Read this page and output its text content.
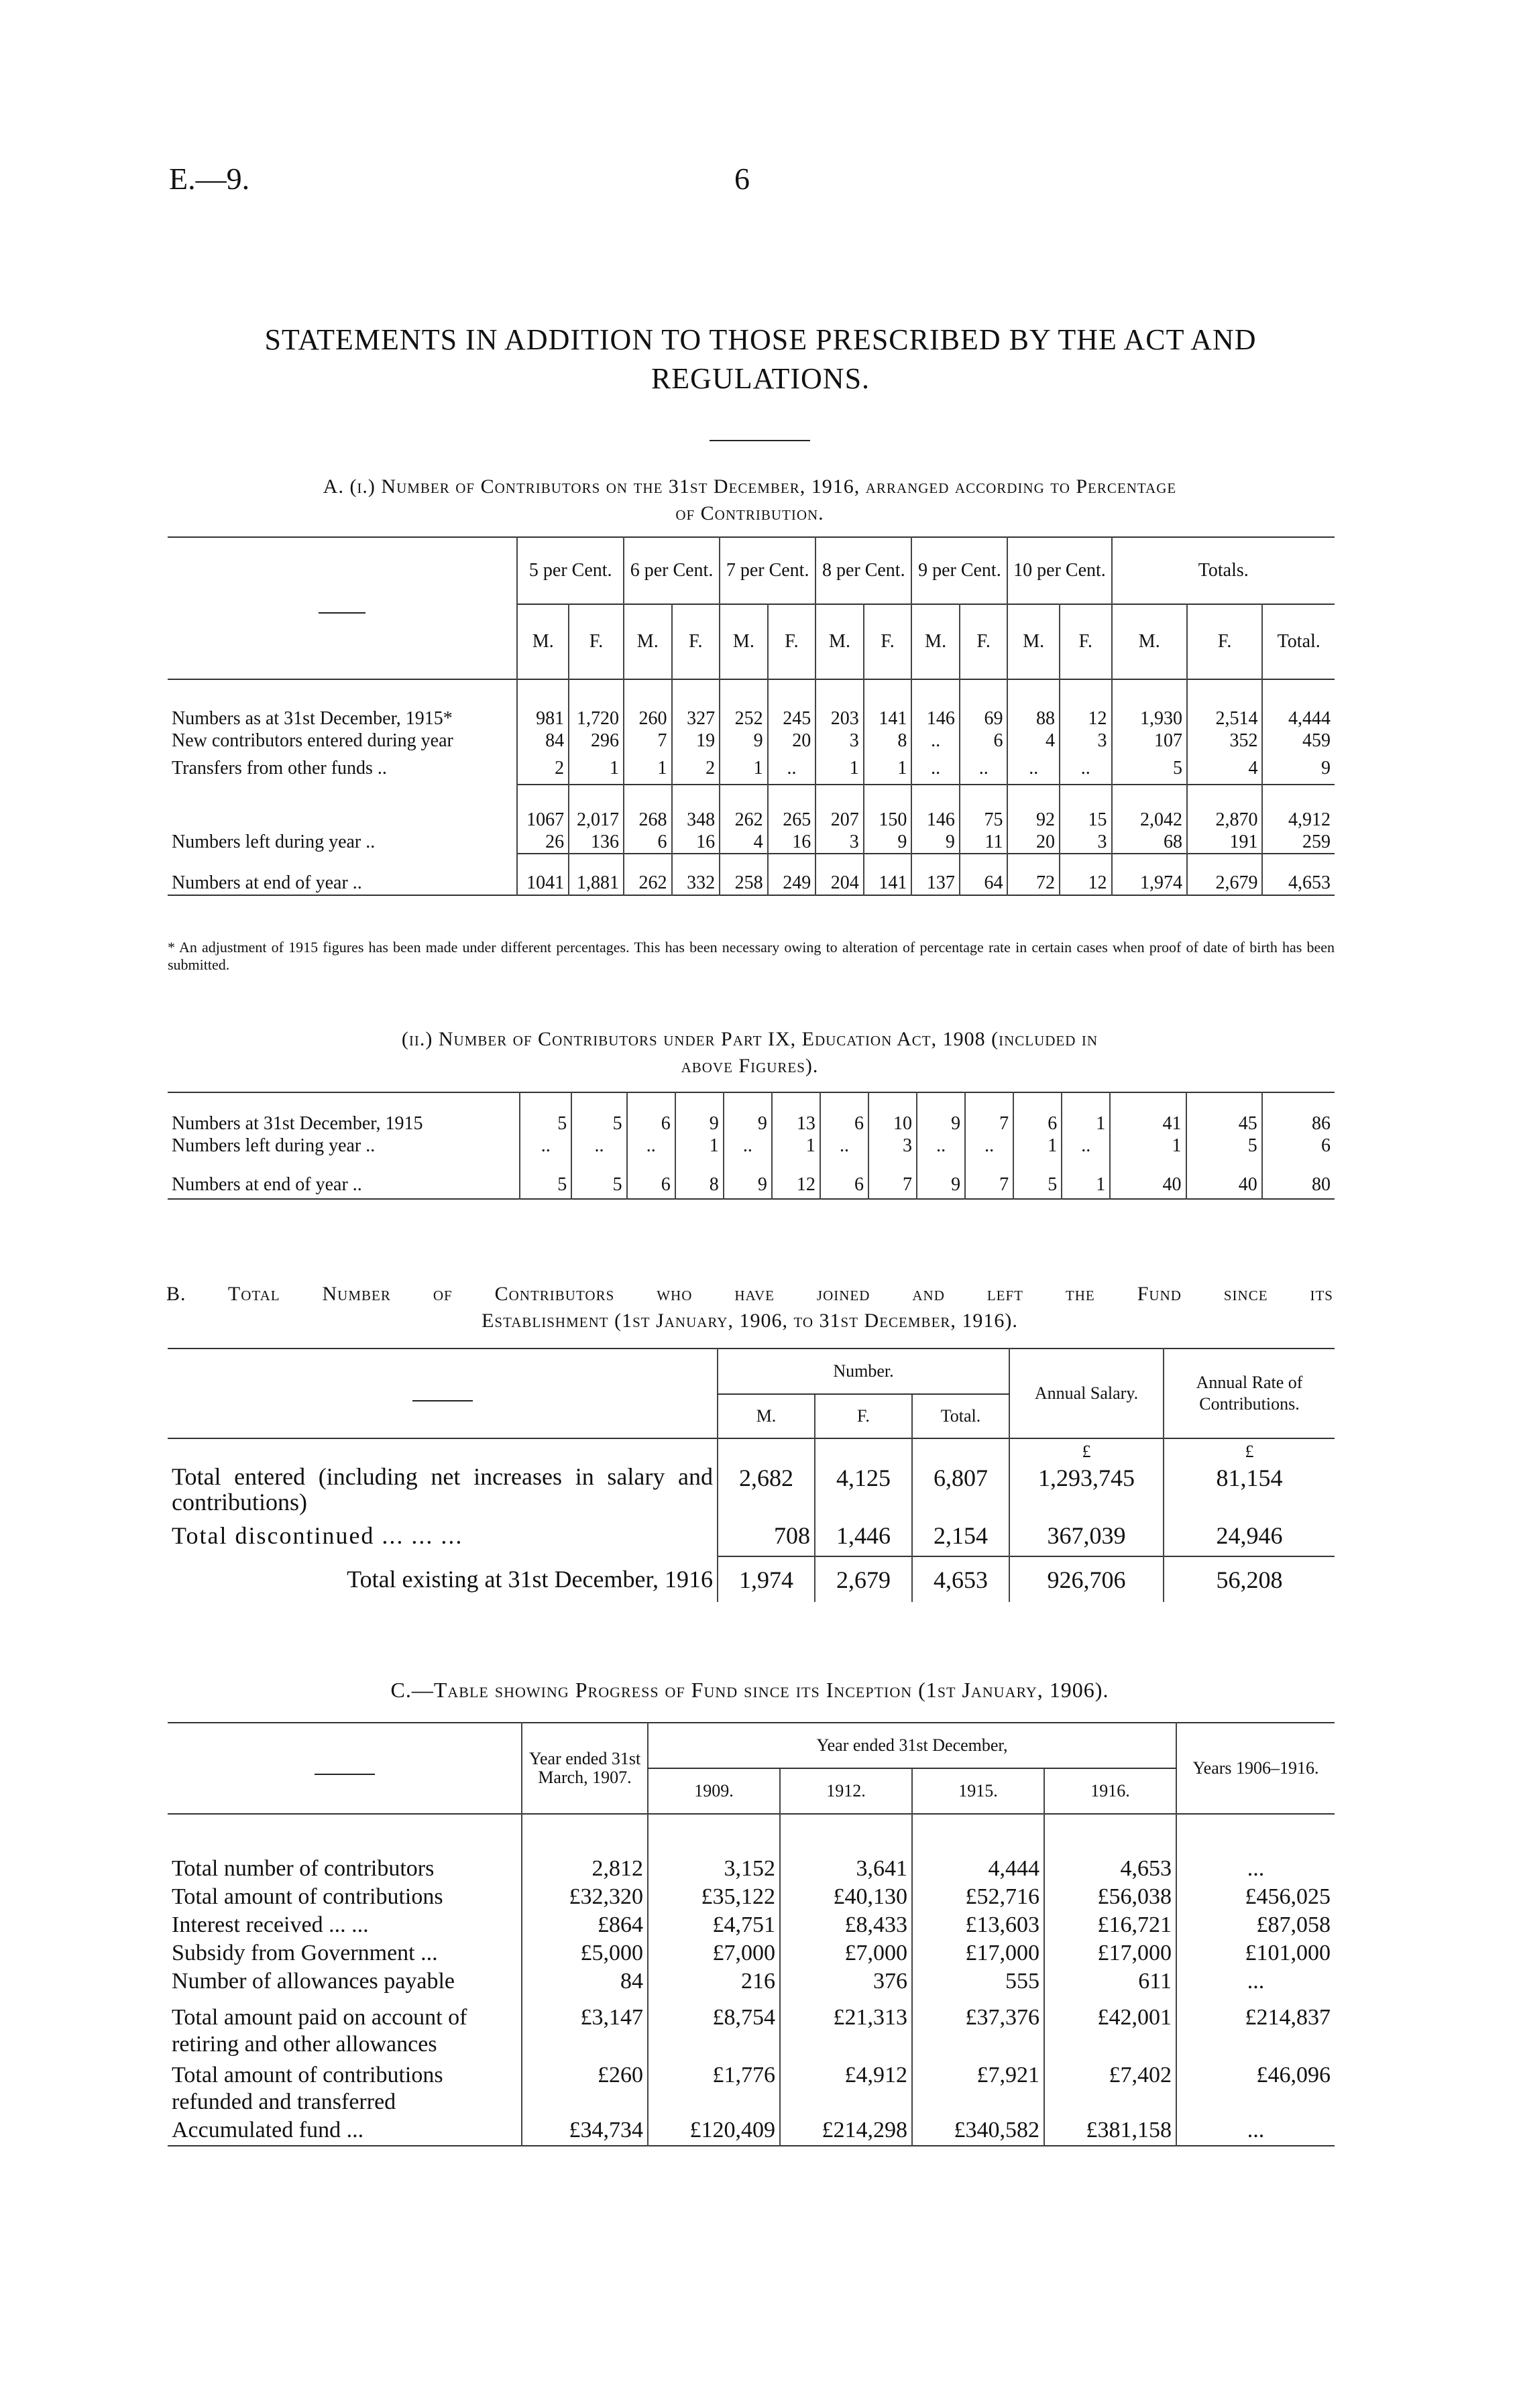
E.—9.	6
STATEMENTS IN ADDITION TO THOSE PRESCRIBED BY THE ACT AND
REGULATIONS.
A. (i.) Number of Contributors on the 31st December, 1916, arranged according to Percentage
of Contribution.
	5 per Cent.		6 per Cent.		7 per Cent.		8 per Cent.		9 per Cent.		10 per Cent.		Totals.		
	M.	F.	M.	F.	M.	F.	M.	F.	M.	F.	M.	F.	M.	F.	Total.
Numbers as at 31st December, 1915*	981	1,720	260	327	252	245	203	141	146	69	88	12	1,930	2,514	4,444
New contributors entered during year	84	296	7	19	9	20	3	8	..	6	4	3	107	352	459
Transfers from other funds ..	2	1	1	2	1	..	1	1	..	..	..	..	5	4	9
	1067	2,017	268	348	262	265	207	150	146	75	92	15	2,042	2,870	4,912
Numbers left during year ..	26	136	6	16	4	16	3	9	9	11	20	3	68	191	259
Numbers at end of year ..	1041	1,881	262	332	258	249	204	141	137	64	72	12	1,974	2,679	4,653

* An adjustment of 1915 figures has been made under different percentages. This has been necessary owing to alteration of percentage rate in certain cases when proof of date of birth has been submitted.
(ii.) Number of Contributors under Part IX, Education Act, 1908 (included in
above Figures).
Numbers at 31st December, 1915	5	5	6	9	9	13	6	10	9	7	6	1	41	45	86
Numbers left during year ..	..	..	..	1	..	1	..	3	..	..	1	..	1	5	6
Numbers at end of year ..	5	5	6	8	9	12	6	7	9	7	5	1	40	40	80

B. Total Number of Contributors who have joined and left the Fund since its
Establishment (1st January, 1906, to 31st December, 1916).
	Number.			Annual Salary.	Annual Rate of Contributions.
	M.	F.	Total.		
				£	£
Total entered (including net increases in salary and contributions)	2,682	4,125	6,807	1,293,745	81,154
Total discontinued ... ... ...	708	1,446	2,154	367,039	24,946
Total existing at 31st December, 1916	1,974	2,679	4,653	926,706	56,208
C.—Table showing Progress of Fund since its Inception (1st January, 1906).
	Year ended 31st March, 1907.	Year ended 31st December,				Years 1906–1916.
		1909.	1912.	1915.	1916.	

Total number of contributors	2,812	3,152	3,641	4,444	4,653	...
Total amount of contributions	£32,320	£35,122	£40,130	£52,716	£56,038	£456,025
Interest received ... ...	£864	£4,751	£8,433	£13,603	£16,721	£87,058
Subsidy from Government ...	£5,000	£7,000	£7,000	£17,000	£17,000	£101,000
Number of allowances payable	84	216	376	555	611	...
Total amount paid on account of retiring and other allowances	£3,147	£8,754	£21,313	£37,376	£42,001	£214,837
Total amount of contributions refunded and transferred	£260	£1,776	£4,912	£7,921	£7,402	£46,096
Accumulated fund ...	£34,734	£120,409	£214,298	£340,582	£381,158	...
